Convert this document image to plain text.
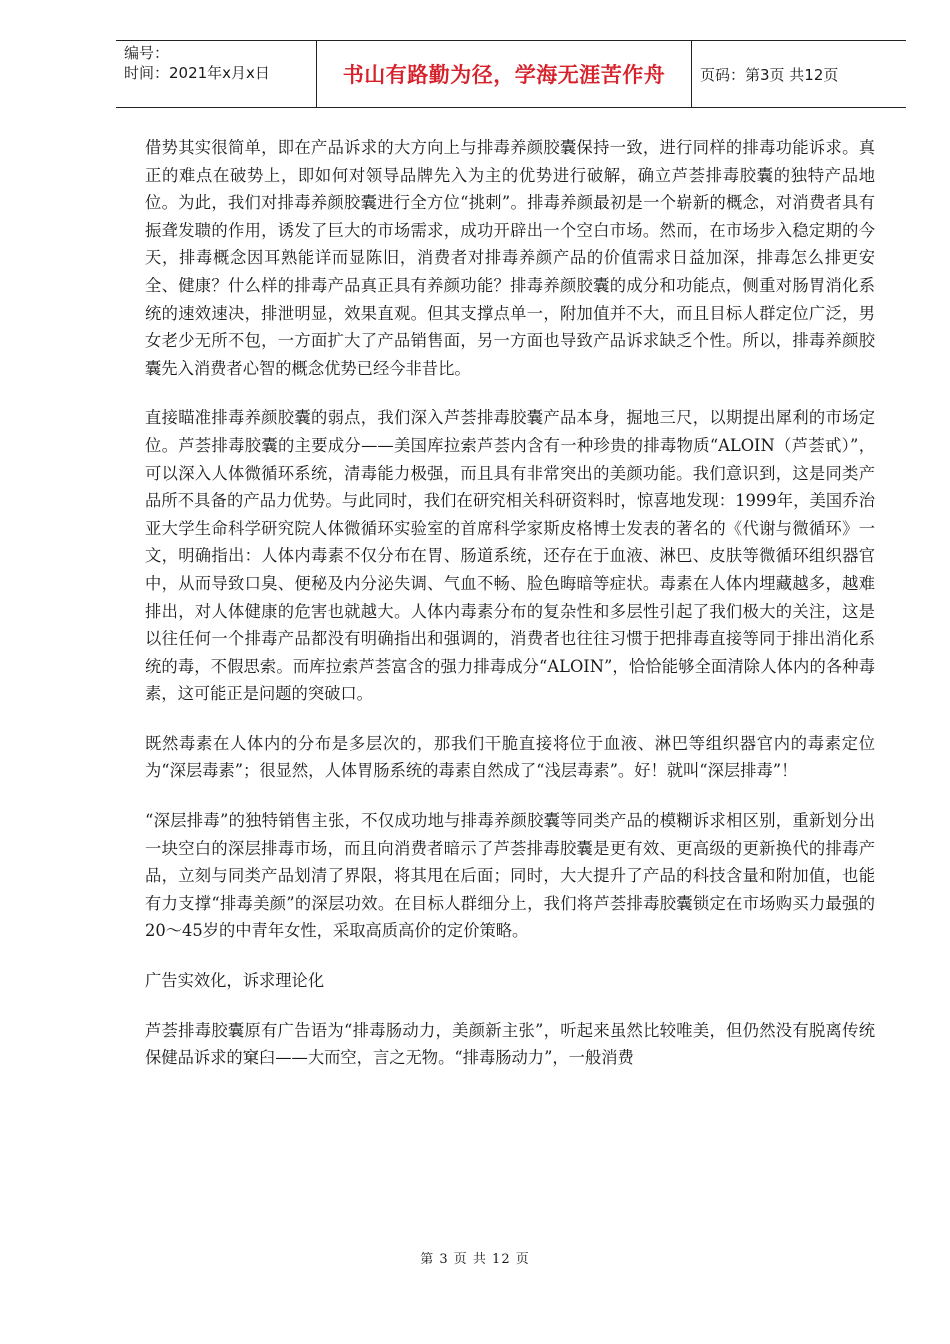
编号：
时间：2021年x月x日	书山有路勤为径，学海无涯苦作舟 页码：第3页 共12页

借势其实很简单，即在产品诉求的大方向上与排毒养颜胶囊保持一致，进行同样的排毒功能诉求。真正的难点在破势上，即如何对领导品牌先入为主的优势进行破解，确立芦荟排毒胶囊的独特产品地位。为此，我们对排毒养颜胶囊进行全方位“挑刺”。排毒养颜最初是一个崭新的概念，对消费者具有振聋发聩的作用，诱发了巨大的市场需求，成功开辟出一个空白市场。然而，在市场步入稳定期的今天，排毒概念因耳熟能详而显陈旧，消费者对排毒养颜产品的价值需求日益加深，排毒怎么排更安全、健康？什么样的排毒产品真正具有养颜功能？排毒养颜胶囊的成分和功能点，侧重对肠胃消化系统的速效速决，排泄明显，效果直观。但其支撑点单一，附加值并不大，而且目标人群定位广泛，男女老少无所不包，一方面扩大了产品销售面，另一方面也导致产品诉求缺乏个性。所以，排毒养颜胶囊先入消费者心智的概念优势已经今非昔比。

直接瞄准排毒养颜胶囊的弱点，我们深入芦荟排毒胶囊产品本身，掘地三尺，以期提出犀利的市场定位。芦荟排毒胶囊的主要成分——美国库拉索芦荟内含有一种珍贵的排毒物质“ALOIN（芦荟甙）”，可以深入人体微循环系统，清毒能力极强，而且具有非常突出的美颜功能。我们意识到，这是同类产品所不具备的产品力优势。与此同时，我们在研究相关科研资料时，惊喜地发现：1999年，美国乔治亚大学生命科学研究院人体微循环实验室的首席科学家斯皮格博士发表的著名的《代谢与微循环》一文，明确指出：人体内毒素不仅分布在胃、肠道系统，还存在于血液、淋巴、皮肤等微循环组织器官中，从而导致口臭、便秘及内分泌失调、气血不畅、脸色晦暗等症状。毒素在人体内埋藏越多，越难排出，对人体健康的危害也就越大。人体内毒素分布的复杂性和多层性引起了我们极大的关注，这是以往任何一个排毒产品都没有明确指出和强调的，消费者也往往习惯于把排毒直接等同于排出消化系统的毒，不假思索。而库拉索芦荟富含的强力排毒成分“ALOIN”，恰恰能够全面清除人体内的各种毒素，这可能正是问题的突破口。

既然毒素在人体内的分布是多层次的，那我们干脆直接将位于血液、淋巴等组织器官内的毒素定位为“深层毒素”；很显然，人体胃肠系统的毒素自然成了“浅层毒素”。好！就叫“深层排毒”！

“深层排毒”的独特销售主张，不仅成功地与排毒养颜胶囊等同类产品的模糊诉求相区别，重新划分出一块空白的深层排毒市场，而且向消费者暗示了芦荟排毒胶囊是更有效、更高级的更新换代的排毒产品，立刻与同类产品划清了界限，将其甩在后面；同时，大大提升了产品的科技含量和附加值，也能有力支撑“排毒美颜”的深层功效。在目标人群细分上，我们将芦荟排毒胶囊锁定在市场购买力最强的20～45岁的中青年女性，采取高质高价的定价策略。

广告实效化，诉求理论化

芦荟排毒胶囊原有广告语为“排毒肠动力，美颜新主张”，听起来虽然比较唯美，但仍然没有脱离传统保健品诉求的窠臼——大而空，言之无物。“排毒肠动力”，一般消费

第 3 页 共 12 页
